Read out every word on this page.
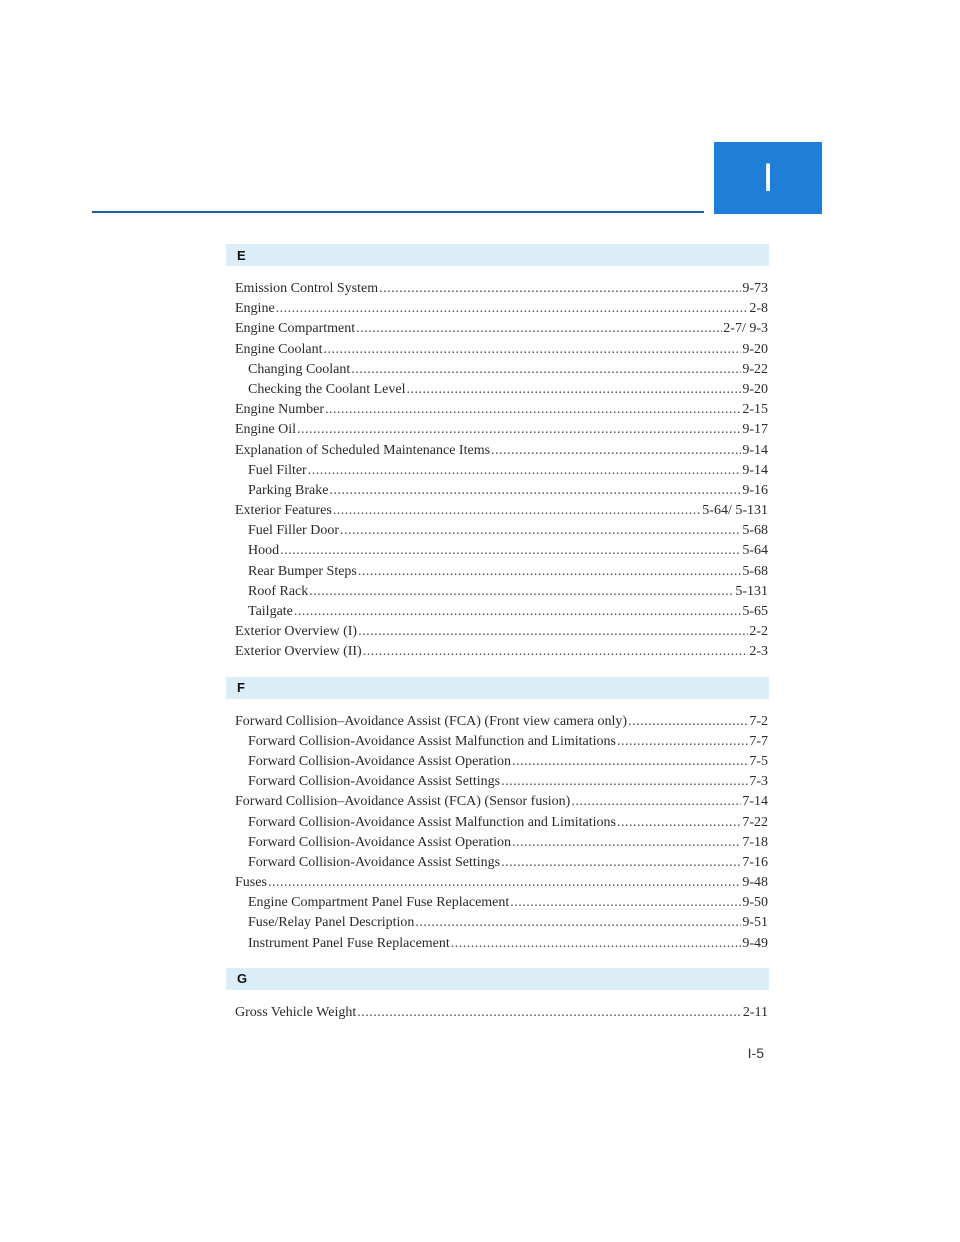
I
E
Emission Control System .....	9-73
Engine .....	2-8
Engine Compartment .....	2-7/ 9-3
Engine Coolant .....	9-20
Changing Coolant .....	9-22
Checking the Coolant Level .....	9-20
Engine Number .....	2-15
Engine Oil .....	9-17
Explanation of Scheduled Maintenance Items .....	9-14
Fuel Filter .....	9-14
Parking Brake .....	9-16
Exterior Features .....	5-64/ 5-131
Fuel Filler Door .....	5-68
Hood .....	5-64
Rear Bumper Steps .....	5-68
Roof Rack .....	5-131
Tailgate .....	5-65
Exterior Overview (I) .....	2-2
Exterior Overview (II) .....	2-3
F
Forward Collision–Avoidance Assist (FCA) (Front view camera only) .....	7-2
Forward Collision-Avoidance Assist Malfunction and Limitations .....	7-7
Forward Collision-Avoidance Assist Operation .....	7-5
Forward Collision-Avoidance Assist Settings .....	7-3
Forward Collision–Avoidance Assist (FCA) (Sensor fusion) .....	7-14
Forward Collision-Avoidance Assist Malfunction and Limitations .....	7-22
Forward Collision-Avoidance Assist Operation .....	7-18
Forward Collision-Avoidance Assist Settings .....	7-16
Fuses .....	9-48
Engine Compartment Panel Fuse Replacement .....	9-50
Fuse/Relay Panel Description .....	9-51
Instrument Panel Fuse Replacement .....	9-49
G
Gross Vehicle Weight .....	2-11
I-5
